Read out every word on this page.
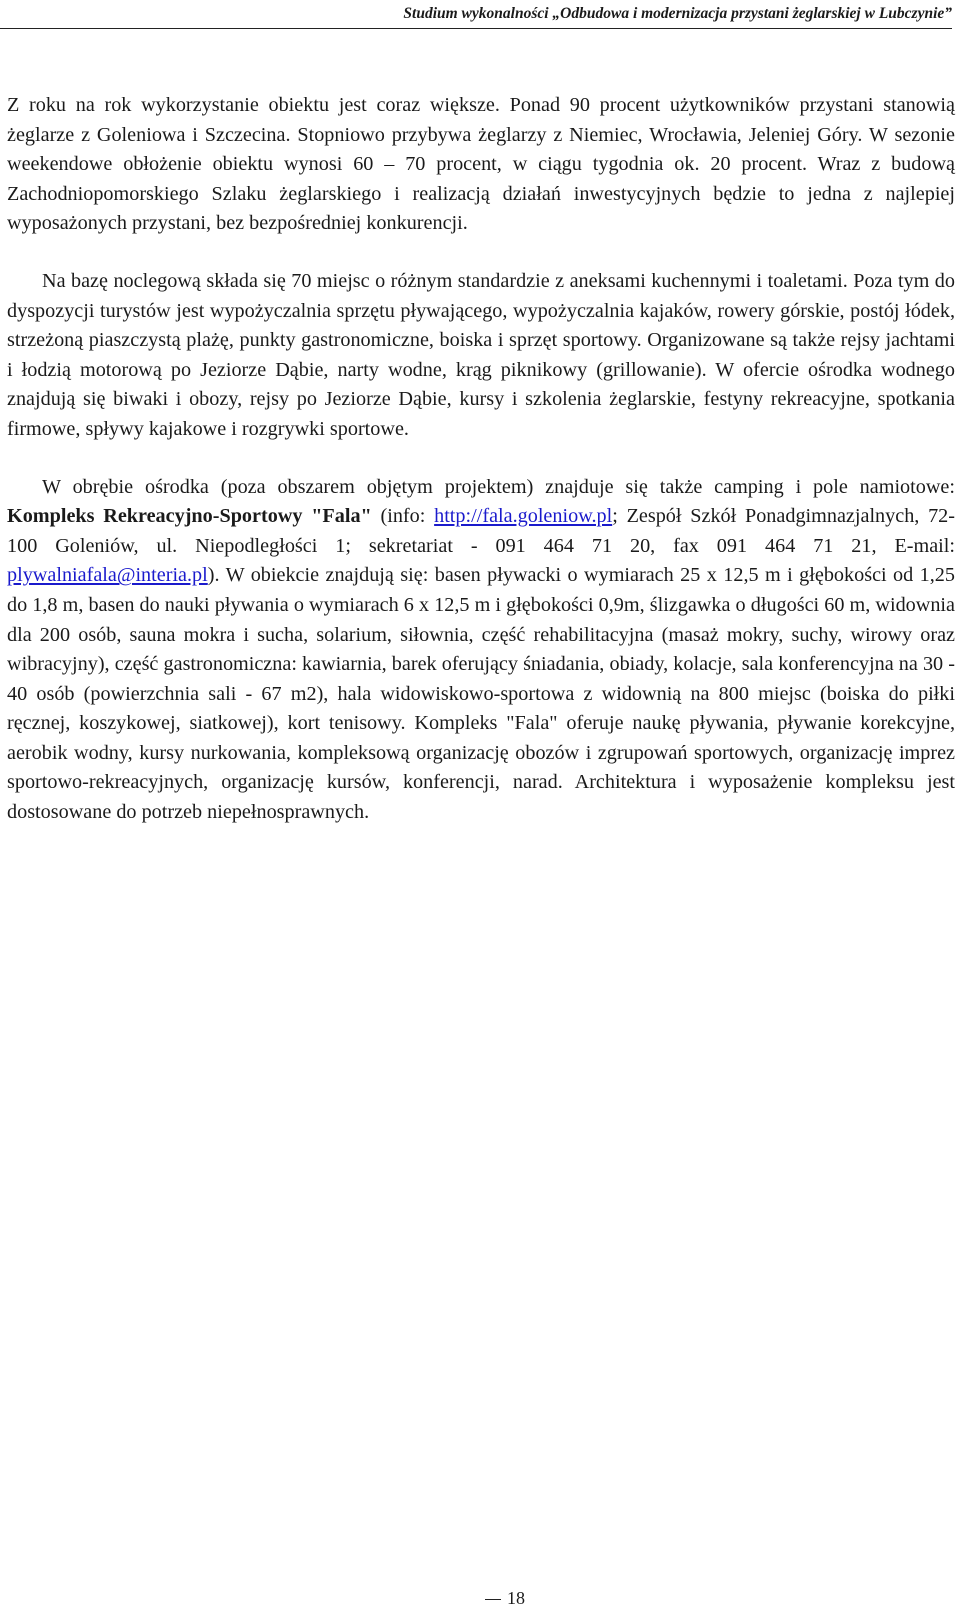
Studium wykonalności „Odbudowa i modernizacja przystani żeglarskiej w Lubczynie”

Z roku na rok wykorzystanie obiektu jest coraz większe. Ponad 90 procent użytkowników przystani stanowią żeglarze z Goleniowa i Szczecina. Stopniowo przybywa żeglarzy z Niemiec, Wrocławia, Jeleniej Góry. W sezonie weekendowe obłożenie obiektu wynosi 60 – 70 procent, w ciągu tygodnia ok. 20 procent. Wraz z budową Zachodniopomorskiego Szlaku żeglarskiego i realizacją działań inwestycyjnych będzie to jedna z najlepiej wyposażonych przystani, bez bezpośredniej konkurencji.

Na bazę noclegową składa się 70 miejsc o różnym standardzie z aneksami kuchennymi i toaletami. Poza tym do dyspozycji turystów jest wypożyczalnia sprzętu pływającego, wypożyczalnia kajaków, rowery górskie, postój łódek, strzeżoną piaszczystą plażę, punkty gastronomiczne, boiska i sprzęt sportowy. Organizowane są także rejsy jachtami i łodzią motorową po Jeziorze Dąbie, narty wodne, krąg piknikowy (grillowanie). W ofercie ośrodka wodnego znajdują się biwaki i obozy, rejsy po Jeziorze Dąbie, kursy i szkolenia żeglarskie, festyny rekreacyjne, spotkania firmowe, spływy kajakowe i rozgrywki sportowe.

W obrębie ośrodka (poza obszarem objętym projektem) znajduje się także camping i pole namiotowe: Kompleks Rekreacyjno-Sportowy "Fala" (info: http://fala.goleniow.pl; Zespół Szkół Ponadgimnazjalnych, 72-100 Goleniów, ul. Niepodległości 1; sekretariat - 091 464 71 20, fax 091 464 71 21, E-mail: plywalniafala@interia.pl). W obiekcie znajdują się: basen pływacki o wymiarach 25 x 12,5 m i głębokości od 1,25 do 1,8 m, basen do nauki pływania o wymiarach 6 x 12,5 m i głębokości 0,9m, ślizgawka o długości 60 m, widownia dla 200 osób, sauna mokra i sucha, solarium, siłownia, część rehabilitacyjna (masaż mokry, suchy, wirowy oraz wibracyjny), część gastronomiczna: kawiarnia, barek oferujący śniadania, obiady, kolacje, sala konferencyjna na 30 - 40 osób (powierzchnia sali - 67 m2), hala widowiskowo-sportowa z widownią na 800 miejsc (boiska do piłki ręcznej, koszykowej, siatkowej), kort tenisowy. Kompleks "Fala" oferuje naukę pływania, pływanie korekcyjne, aerobik wodny, kursy nurkowania, kompleksową organizację obozów i zgrupowań sportowych, organizację imprez sportowo-rekreacyjnych, organizację kursów, konferencji, narad. Architektura i wyposażenie kompleksu jest dostosowane do potrzeb niepełnosprawnych.

18
